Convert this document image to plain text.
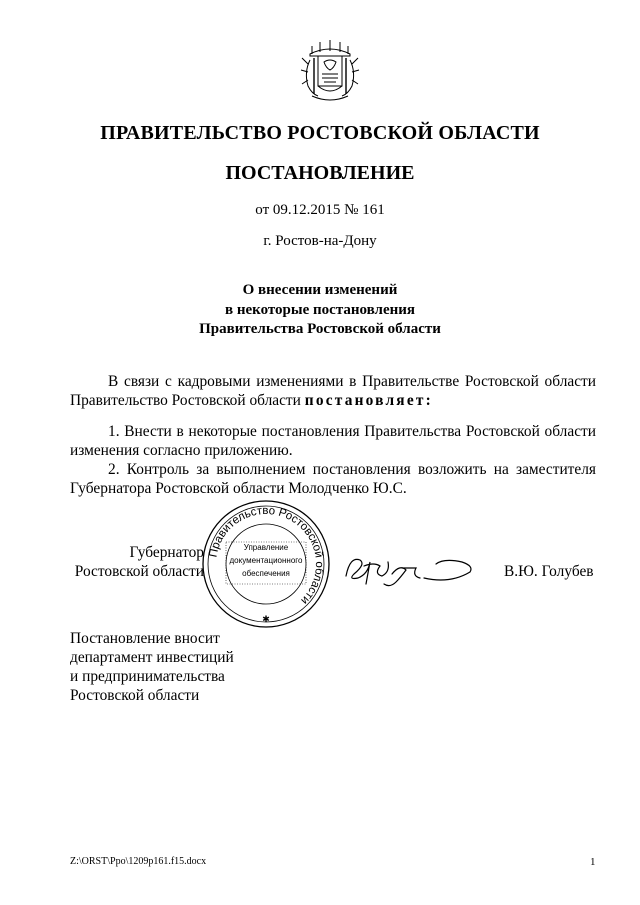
ПРАВИТЕЛЬСТВО РОСТОВСКОЙ ОБЛАСТИ
ПОСТАНОВЛЕНИЕ
от 09.12.2015 № 161
г. Ростов-на-Дону
О внесении изменений
в некоторые постановления
Правительства Ростовской области
В связи с кадровыми изменениями в Правительстве Ростовской области Правительство Ростовской области постановляет:
1. Внести в некоторые постановления Правительства Ростовской области изменения согласно приложению.
2. Контроль за выполнением постановления возложить на заместителя Губернатора Ростовской области Молодченко Ю.С.
Губернатор
Ростовской области
Правительство Ростовской области
✱
Управление
документационного
обеспечения	В.Ю. Голубев
Постановление вносит
департамент инвестиций
и предпринимательства
Ростовской области
Z:\ORST\Ppo\1209p161.f15.docx	1
